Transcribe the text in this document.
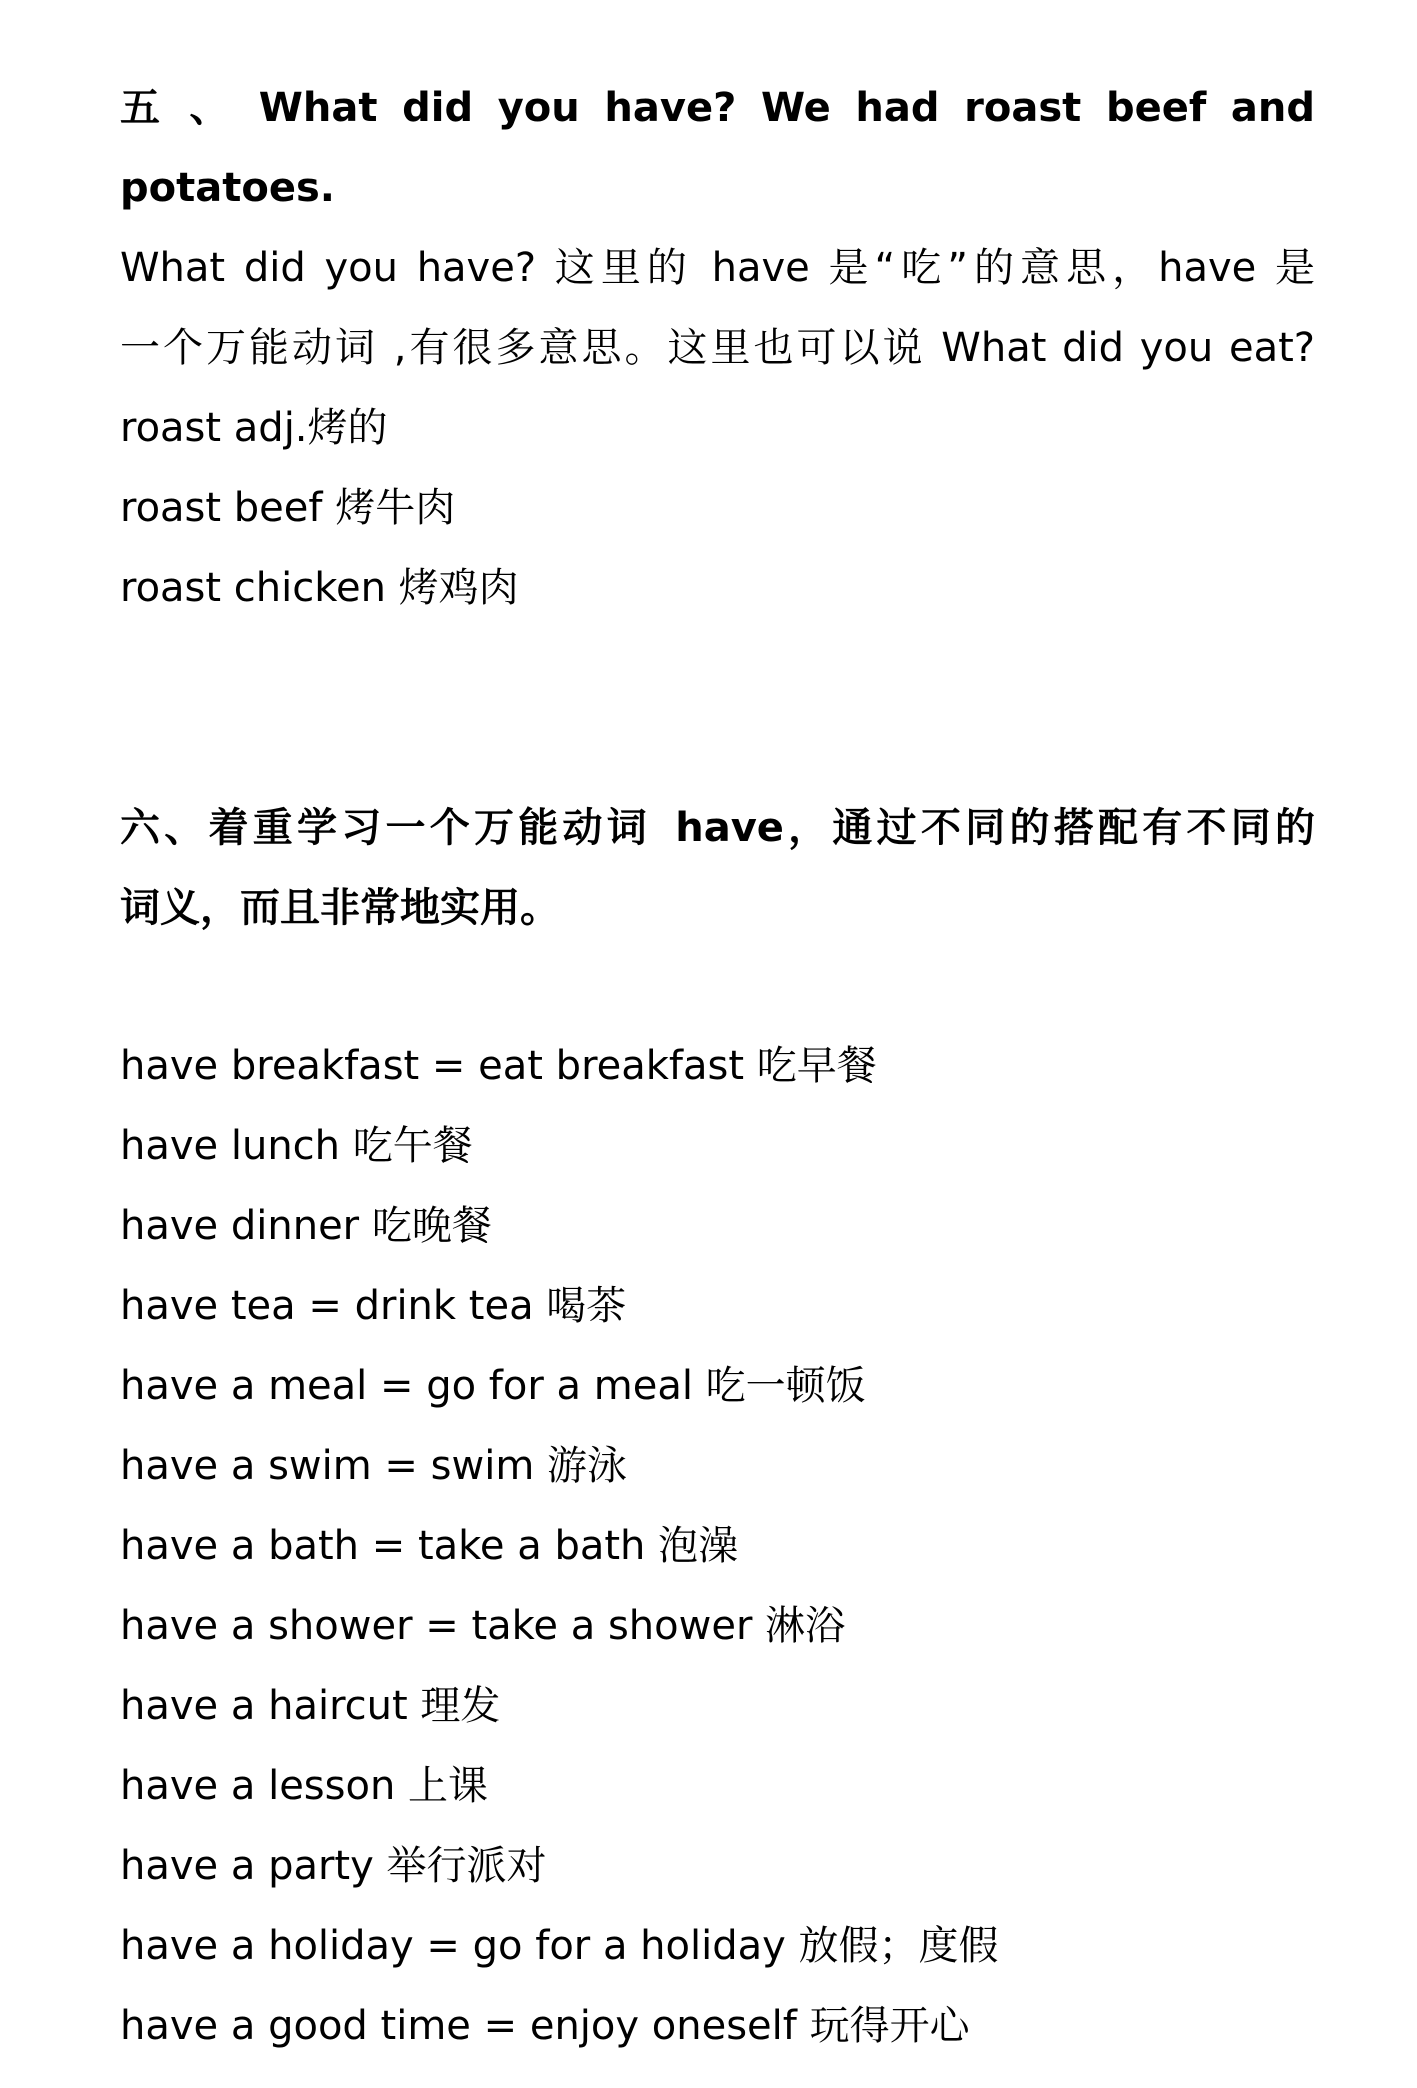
五 、 What did you have? We had roast beef and
potatoes.
What did you have? 这里的 have 是“吃”的意思，have 是
一个万能动词 ,有很多意思。这里也可以说 What did you eat?
roast adj.烤的
roast beef 烤牛肉
roast chicken 烤鸡肉
六、着重学习一个万能动词 have，通过不同的搭配有不同的
词义，而且非常地实用。
have breakfast = eat breakfast 吃早餐
have lunch 吃午餐
have dinner 吃晚餐
have tea = drink tea 喝茶
have a meal = go for a meal 吃一顿饭
have a swim = swim 游泳
have a bath = take a bath 泡澡
have a shower = take a shower 淋浴
have a haircut 理发
have a lesson 上课
have a party 举行派对
have a holiday = go for a holiday 放假；度假
have a good time = enjoy oneself 玩得开心
